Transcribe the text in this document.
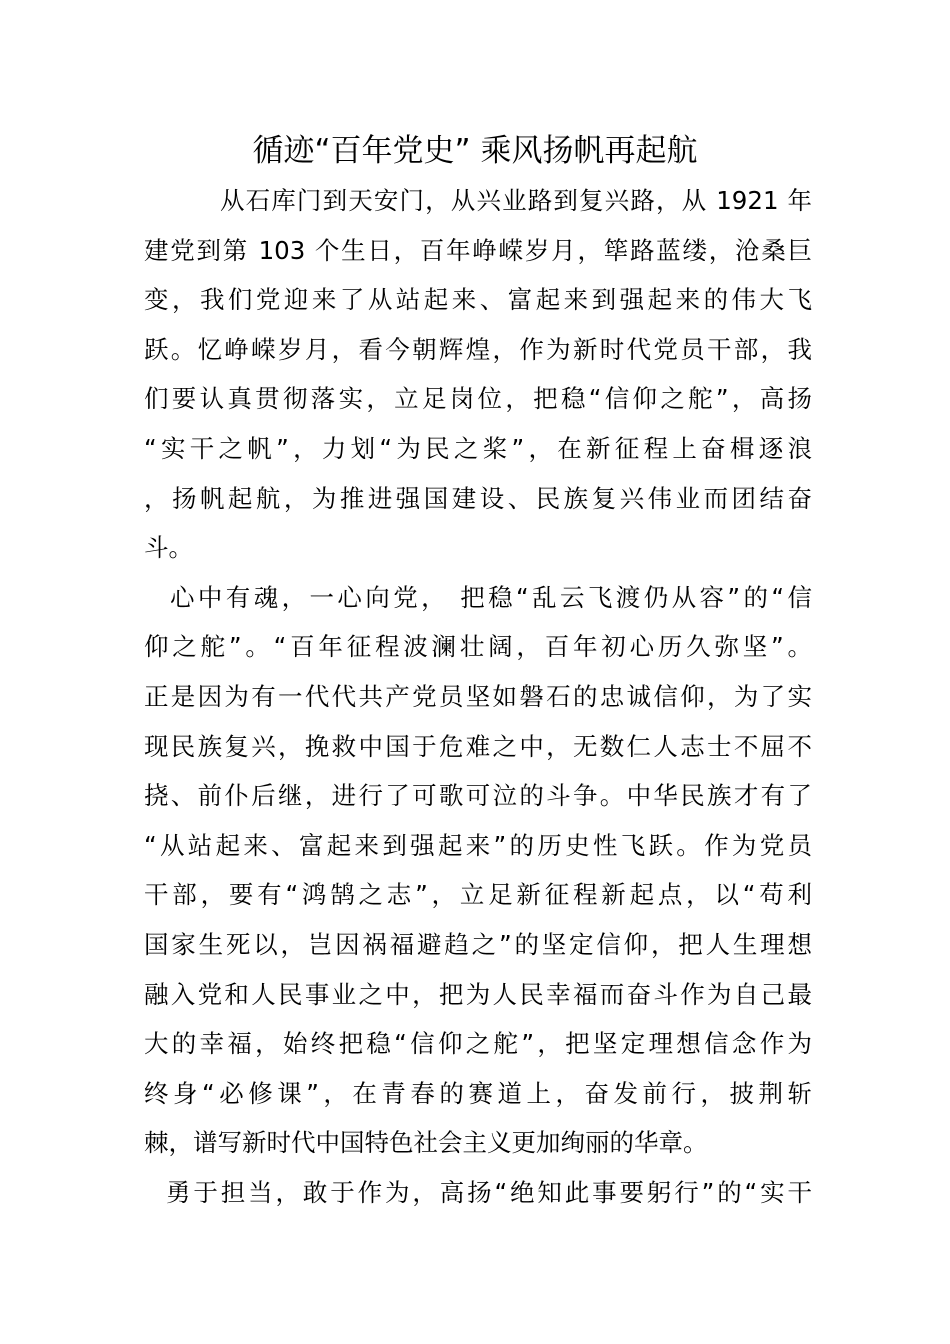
循迹“百年党史” 乘风扬帆再起航
从石库门到天安门，从兴业路到复兴路，从 1921 年
建党到第 103 个生日，百年峥嵘岁月，筚路蓝缕，沧桑巨
变，我们党迎来了从站起来、富起来到强起来的伟大飞
跃。忆峥嵘岁月，看今朝辉煌，作为新时代党员干部，我
们要认真贯彻落实，立足岗位，把稳“信仰之舵”，高扬
“实干之帆”，力划“为民之桨”，在新征程上奋楫逐浪
，扬帆起航，为推进强国建设、民族复兴伟业而团结奋
斗。
心中有魂，一心向党， 把稳“乱云飞渡仍从容”的“信
仰之舵”。“百年征程波澜壮阔，百年初心历久弥坚”。
正是因为有一代代共产党员坚如磐石的忠诚信仰，为了实
现民族复兴，挽救中国于危难之中，无数仁人志士不屈不
挠、前仆后继，进行了可歌可泣的斗争。中华民族才有了
“从站起来、富起来到强起来”的历史性飞跃。作为党员
干部，要有“鸿鹄之志”，立足新征程新起点，以“苟利
国家生死以，岂因祸福避趋之”的坚定信仰，把人生理想
融入党和人民事业之中，把为人民幸福而奋斗作为自己最
大的幸福，始终把稳“信仰之舵”，把坚定理想信念作为
终身“必修课”，在青春的赛道上，奋发前行，披荆斩
棘，谱写新时代中国特色社会主义更加绚丽的华章。
勇于担当，敢于作为，高扬“绝知此事要躬行”的“实干
